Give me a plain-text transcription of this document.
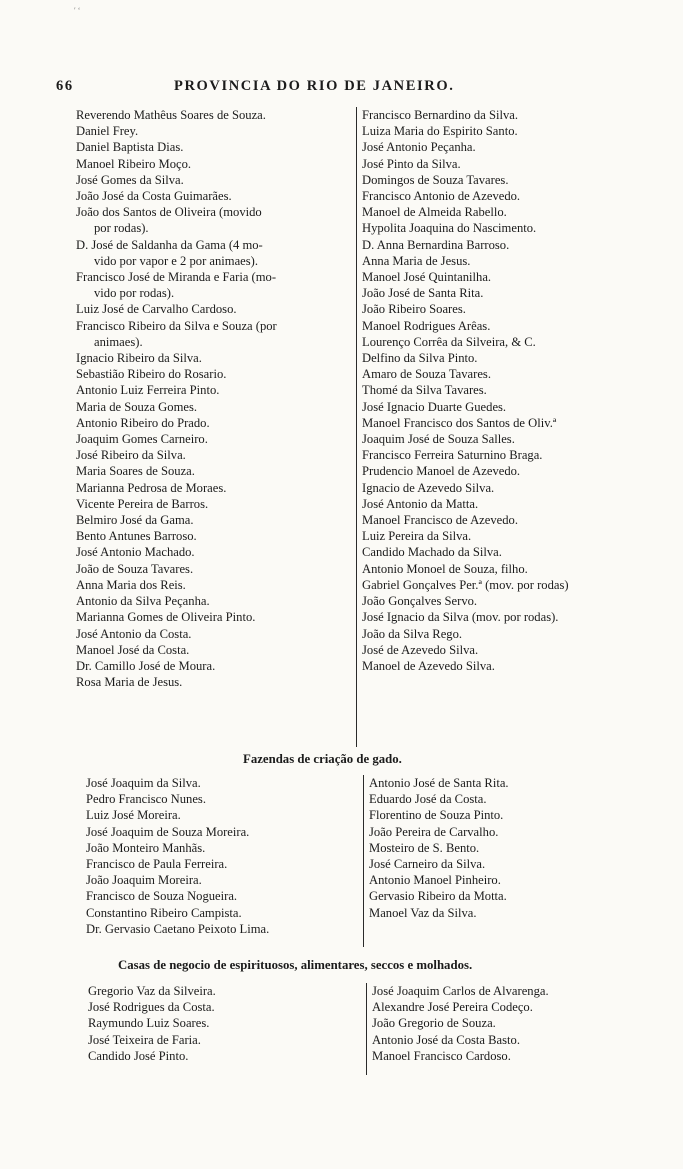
ʹ ʻ
66	PROVINCIA DO RIO DE JANEIRO.
Reverendo Mathêus Soares de Souza.
Daniel Frey.
Daniel Baptista Dias.
Manoel Ribeiro Moço.
José Gomes da Silva.
João José da Costa Guimarães.
João dos Santos de Oliveira (movido
por rodas).
D. José de Saldanha da Gama (4 mo-
vido por vapor e 2 por animaes).
Francisco José de Miranda e Faria (mo-
vido por rodas).
Luiz José de Carvalho Cardoso.
Francisco Ribeiro da Silva e Souza (por
animaes).
Ignacio Ribeiro da Silva.
Sebastião Ribeiro do Rosario.
Antonio Luiz Ferreira Pinto.
Maria de Souza Gomes.
Antonio Ribeiro do Prado.
Joaquim Gomes Carneiro.
José Ribeiro da Silva.
Maria Soares de Souza.
Marianna Pedrosa de Moraes.
Vicente Pereira de Barros.
Belmiro José da Gama.
Bento Antunes Barroso.
José Antonio Machado.
João de Souza Tavares.
Anna Maria dos Reis.
Antonio da Silva Peçanha.
Marianna Gomes de Oliveira Pinto.
José Antonio da Costa.
Manoel José da Costa.
Dr. Camillo José de Moura.
Rosa Maria de Jesus.
Francisco Bernardino da Silva.
Luiza Maria do Espirito Santo.
José Antonio Peçanha.
José Pinto da Silva.
Domingos de Souza Tavares.
Francisco Antonio de Azevedo.
Manoel de Almeida Rabello.
Hypolita Joaquina do Nascimento.
D. Anna Bernardina Barroso.
Anna Maria de Jesus.
Manoel José Quintanilha.
João José de Santa Rita.
João Ribeiro Soares.
Manoel Rodrigues Arêas.
Lourenço Corrêa da Silveira, & C.
Delfino da Silva Pinto.
Amaro de Souza Tavares.
Thomé da Silva Tavares.
José Ignacio Duarte Guedes.
Manoel Francisco dos Santos de Oliv.ª
Joaquim José de Souza Salles.
Francisco Ferreira Saturnino Braga.
Prudencio Manoel de Azevedo.
Ignacio de Azevedo Silva.
José Antonio da Matta.
Manoel Francisco de Azevedo.
Luiz Pereira da Silva.
Candido Machado da Silva.
Antonio Monoel de Souza, filho.
Gabriel Gonçalves Per.ª (mov. por rodas)
João Gonçalves Servo.
José Ignacio da Silva (mov. por rodas).
João da Silva Rego.
José de Azevedo Silva.
Manoel de Azevedo Silva.
Fazendas de criação de gado.
José Joaquim da Silva.
Pedro Francisco Nunes.
Luiz José Moreira.
José Joaquim de Souza Moreira.
João Monteiro Manhãs.
Francisco de Paula Ferreira.
João Joaquim Moreira.
Francisco de Souza Nogueira.
Constantino Ribeiro Campista.
Dr. Gervasio Caetano Peixoto Lima.
Antonio José de Santa Rita.
Eduardo José da Costa.
Florentino de Souza Pinto.
João Pereira de Carvalho.
Mosteiro de S. Bento.
José Carneiro da Silva.
Antonio Manoel Pinheiro.
Gervasio Ribeiro da Motta.
Manoel Vaz da Silva.
Casas de negocio de espirituosos, alimentares, seccos e molhados.
Gregorio Vaz da Silveira.
José Rodrigues da Costa.
Raymundo Luiz Soares.
José Teixeira de Faria.
Candido José Pinto.
José Joaquim Carlos de Alvarenga.
Alexandre José Pereira Codeço.
João Gregorio de Souza.
Antonio José da Costa Basto.
Manoel Francisco Cardoso.
